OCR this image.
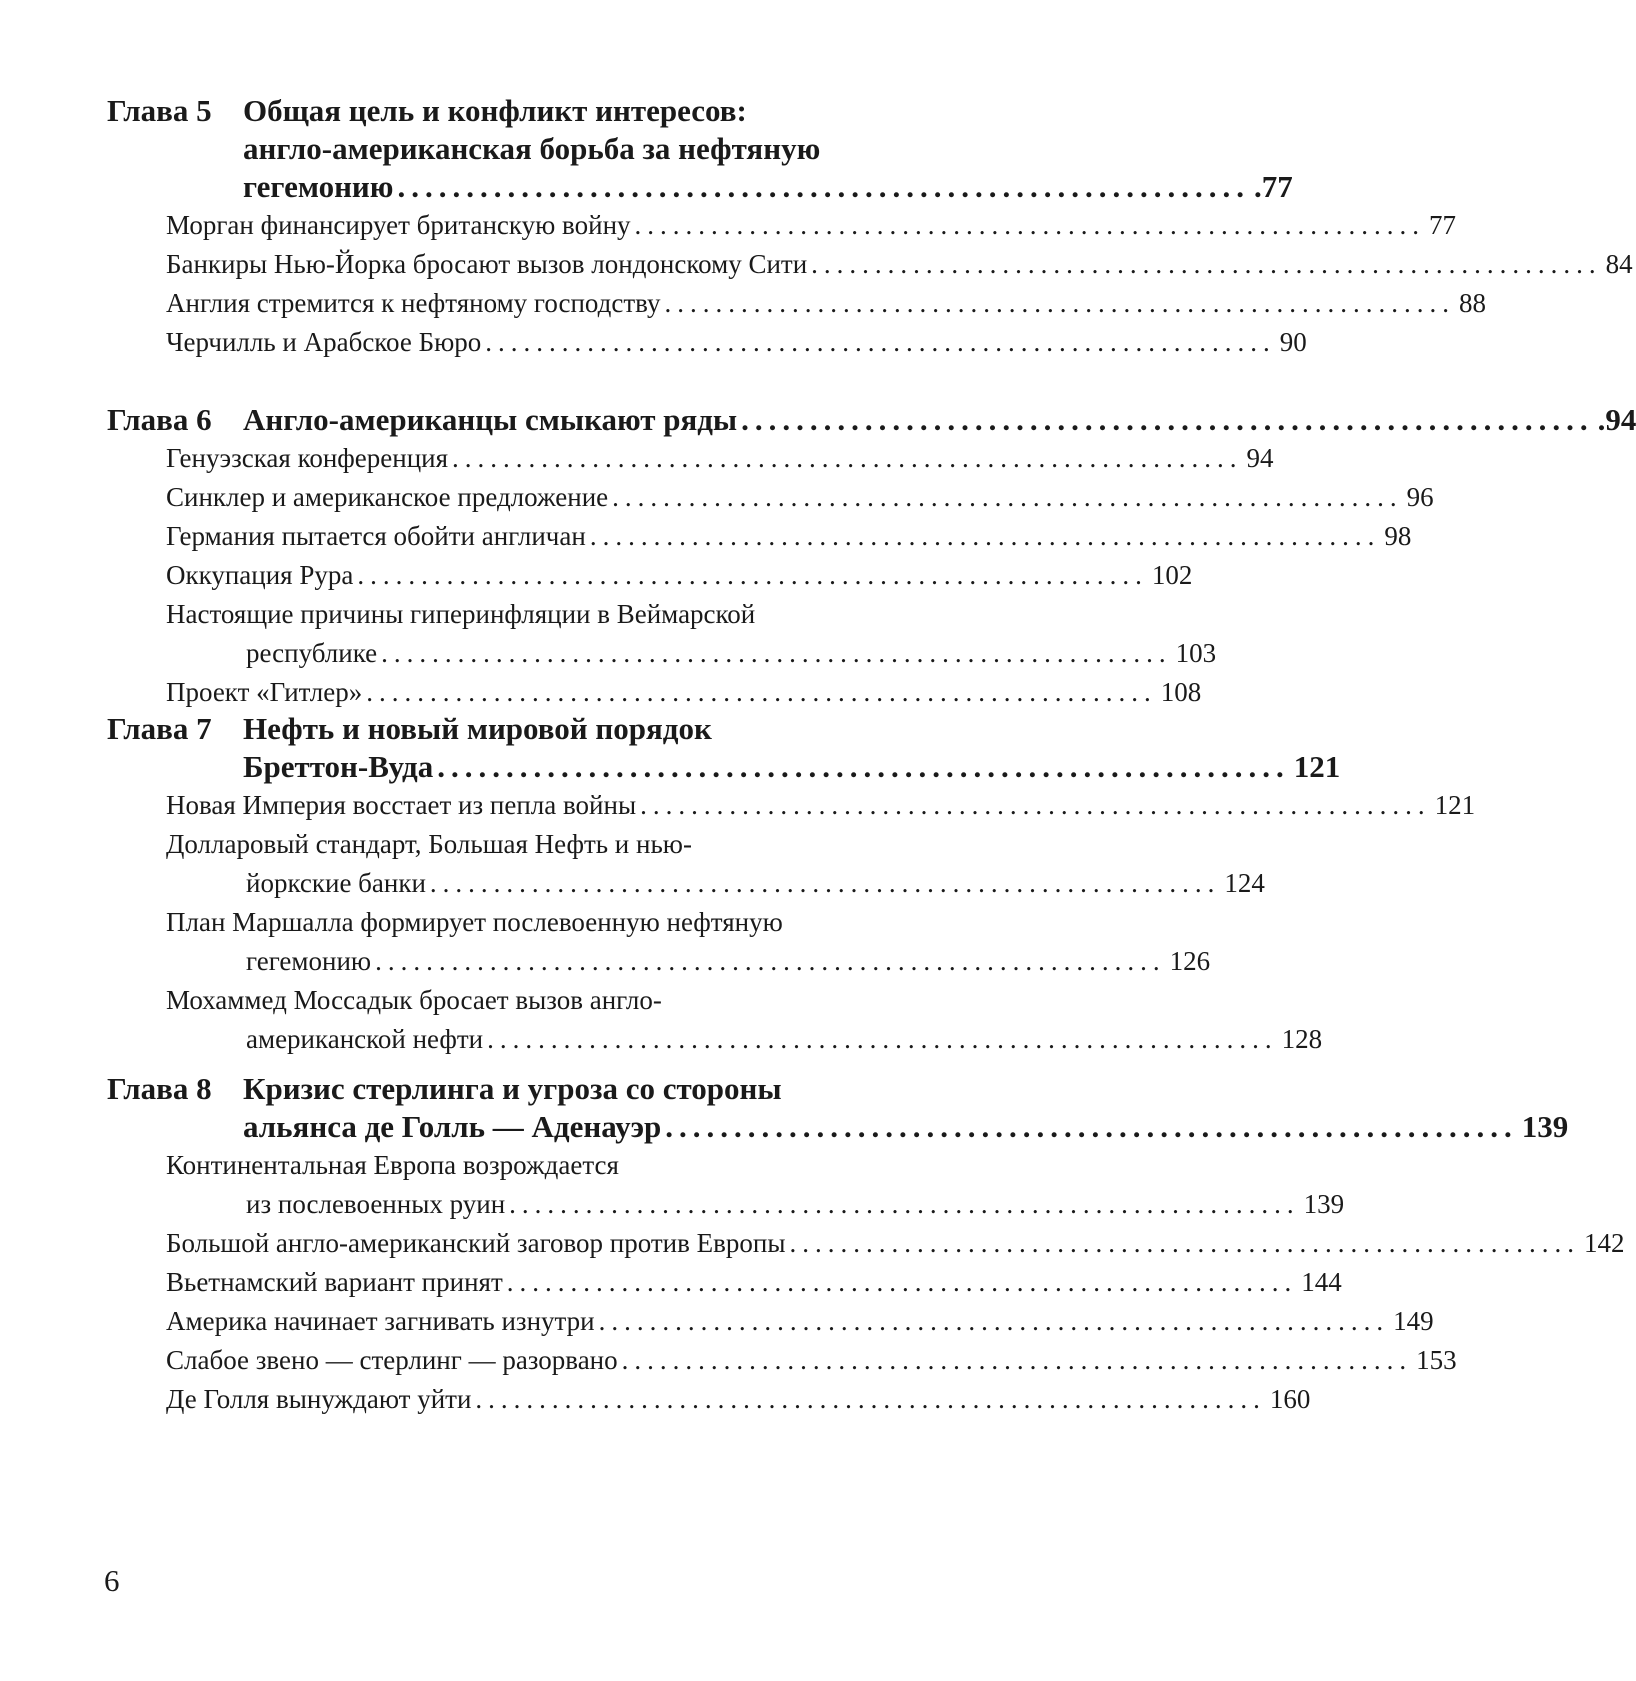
Глава 5 Общая цель и конфликт интересов:
англо-американская борьба за нефтяную
гегемонию .............................................................. .77
Морган финансирует британскую войну .............................................................. 77
Банкиры Нью-Йорка бросают вызов лондонскому Сити .............................................................. 84
Англия стремится к нефтяному господству .............................................................. 88
Черчилль и Арабское Бюро .............................................................. 90
Глава 6 Англо-американцы смыкают ряды .............................................................. .94
Генуэзская конференция .............................................................. 94
Синклер и американское предложение .............................................................. 96
Германия пытается обойти англичан .............................................................. 98
Оккупация Рура .............................................................. 102
Настоящие причины гиперинфляции в Веймарской
республике .............................................................. 103
Проект «Гитлер» .............................................................. 108
Глава 7 Нефть и новый мировой порядок
Бреттон-Вуда .............................................................. 121
Новая Империя восстает из пепла войны .............................................................. 121
Долларовый стандарт, Большая Нефть и нью-
йоркские банки .............................................................. 124
План Маршалла формирует послевоенную нефтяную
гегемонию .............................................................. 126
Мохаммед Моссадык бросает вызов англо-
американской нефти .............................................................. 128
Глава 8 Кризис стерлинга и угроза со стороны
альянса де Голль — Аденауэр .............................................................. 139
Континентальная Европа возрождается
из послевоенных руин .............................................................. 139
Большой англо-американский заговор против Европы .............................................................. 142
Вьетнамский вариант принят .............................................................. 144
Америка начинает загнивать изнутри .............................................................. 149
Слабое звено — стерлинг — разорвано .............................................................. 153
Де Голля вынуждают уйти .............................................................. 160
6
